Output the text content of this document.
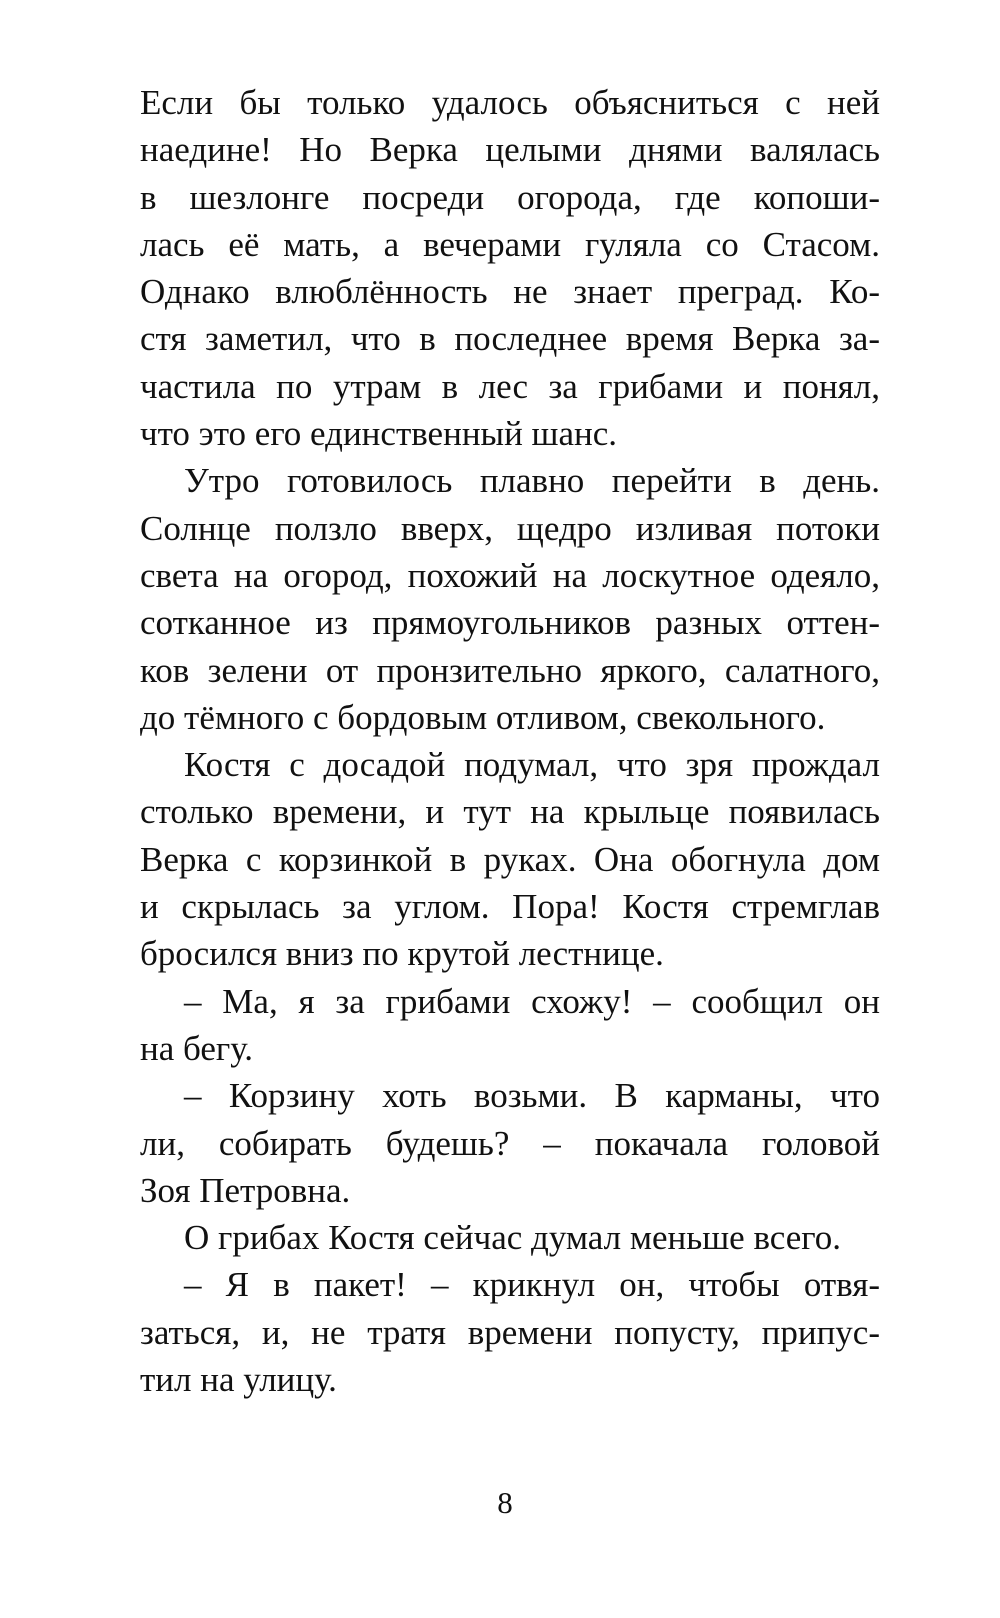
Если бы только удалось объясниться с ней
наедине! Но Верка целыми днями валялась
в шезлонге посреди огорода, где копоши-
лась её мать, а вечерами гуляла со Стасом.
Однако влюблённость не знает преград. Ко-
стя заметил, что в последнее время Верка за-
частила по утрам в лес за грибами и понял,
что это его единственный шанс.
Утро готовилось плавно перейти в день.
Солнце ползло вверх, щедро изливая потоки
света на огород, похожий на лоскутное одеяло,
сотканное из прямоугольников разных оттен-
ков зелени от пронзительно яркого, салатного,
до тёмного с бордовым отливом, свекольного.
Костя с досадой подумал, что зря прождал
столько времени, и тут на крыльце появилась
Верка с корзинкой в руках. Она обогнула дом
и скрылась за углом. Пора! Костя стремглав
бросился вниз по крутой лестнице.
– Ма, я за грибами схожу! – сообщил он
на бегу.
– Корзину хоть возьми. В карманы, что
ли, собирать будешь? – покачала головой
Зоя Петровна.
О грибах Костя сейчас думал меньше всего.
– Я в пакет! – крикнул он, чтобы отвя-
заться, и, не тратя времени попусту, припус-
тил на улицу.
8
